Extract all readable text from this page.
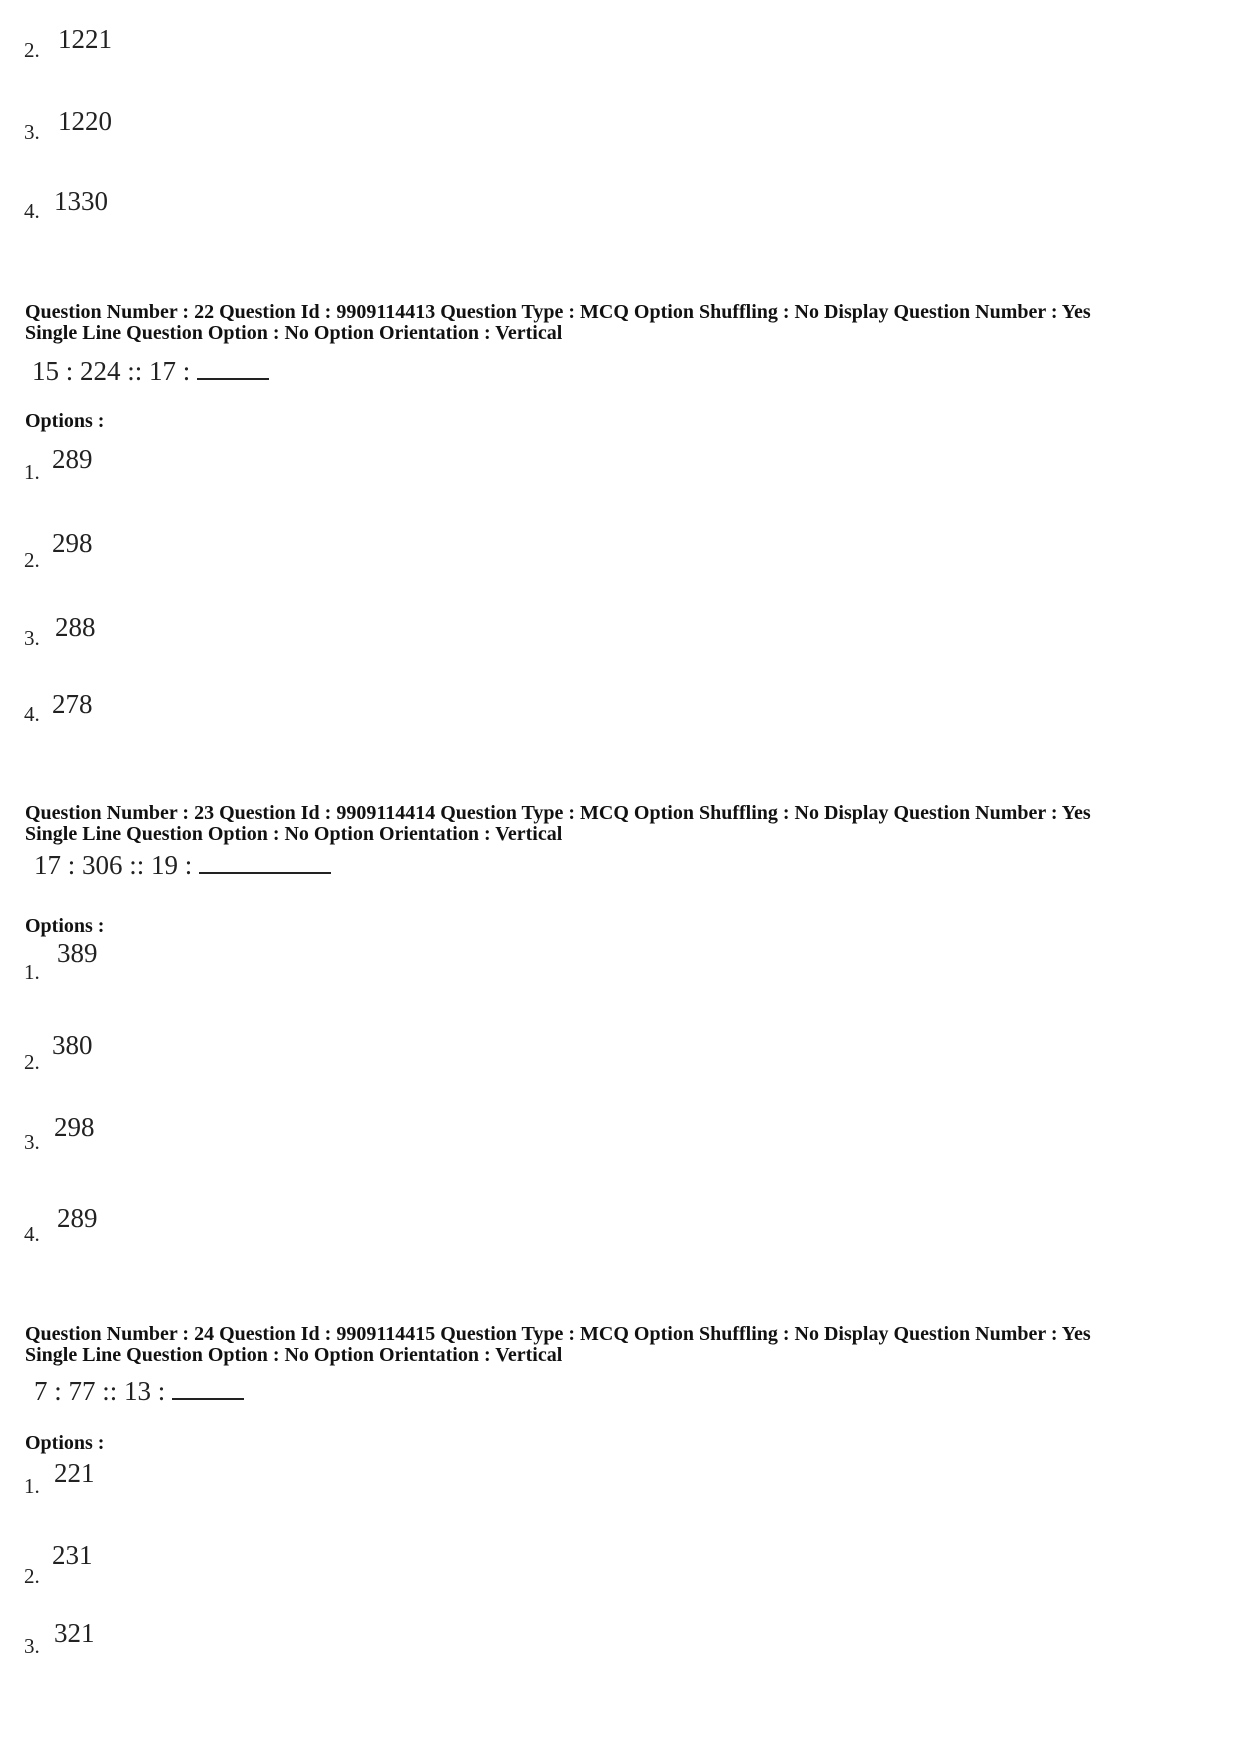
2. 1221
3. 1220
4. 1330
Question Number : 22 Question Id : 9909114413 Question Type : MCQ Option Shuffling : No Display Question Number : Yes
Single Line Question Option : No Option Orientation : Vertical
15 : 224 :: 17 :
Options :
1. 289
2.
298
3. 288
4. 278
Question Number : 23 Question Id : 9909114414 Question Type : MCQ Option Shuffling : No Display Question Number : Yes
Single Line Question Option : No Option Orientation : Vertical
17 : 306 :: 19 :
Options :
1.
389
2.
380
3. 298
4.
289
Question Number : 24 Question Id : 9909114415 Question Type : MCQ Option Shuffling : No Display Question Number : Yes
Single Line Question Option : No Option Orientation : Vertical
7 : 77 :: 13 :
Options :
1. 221
2.
231
3. 321
